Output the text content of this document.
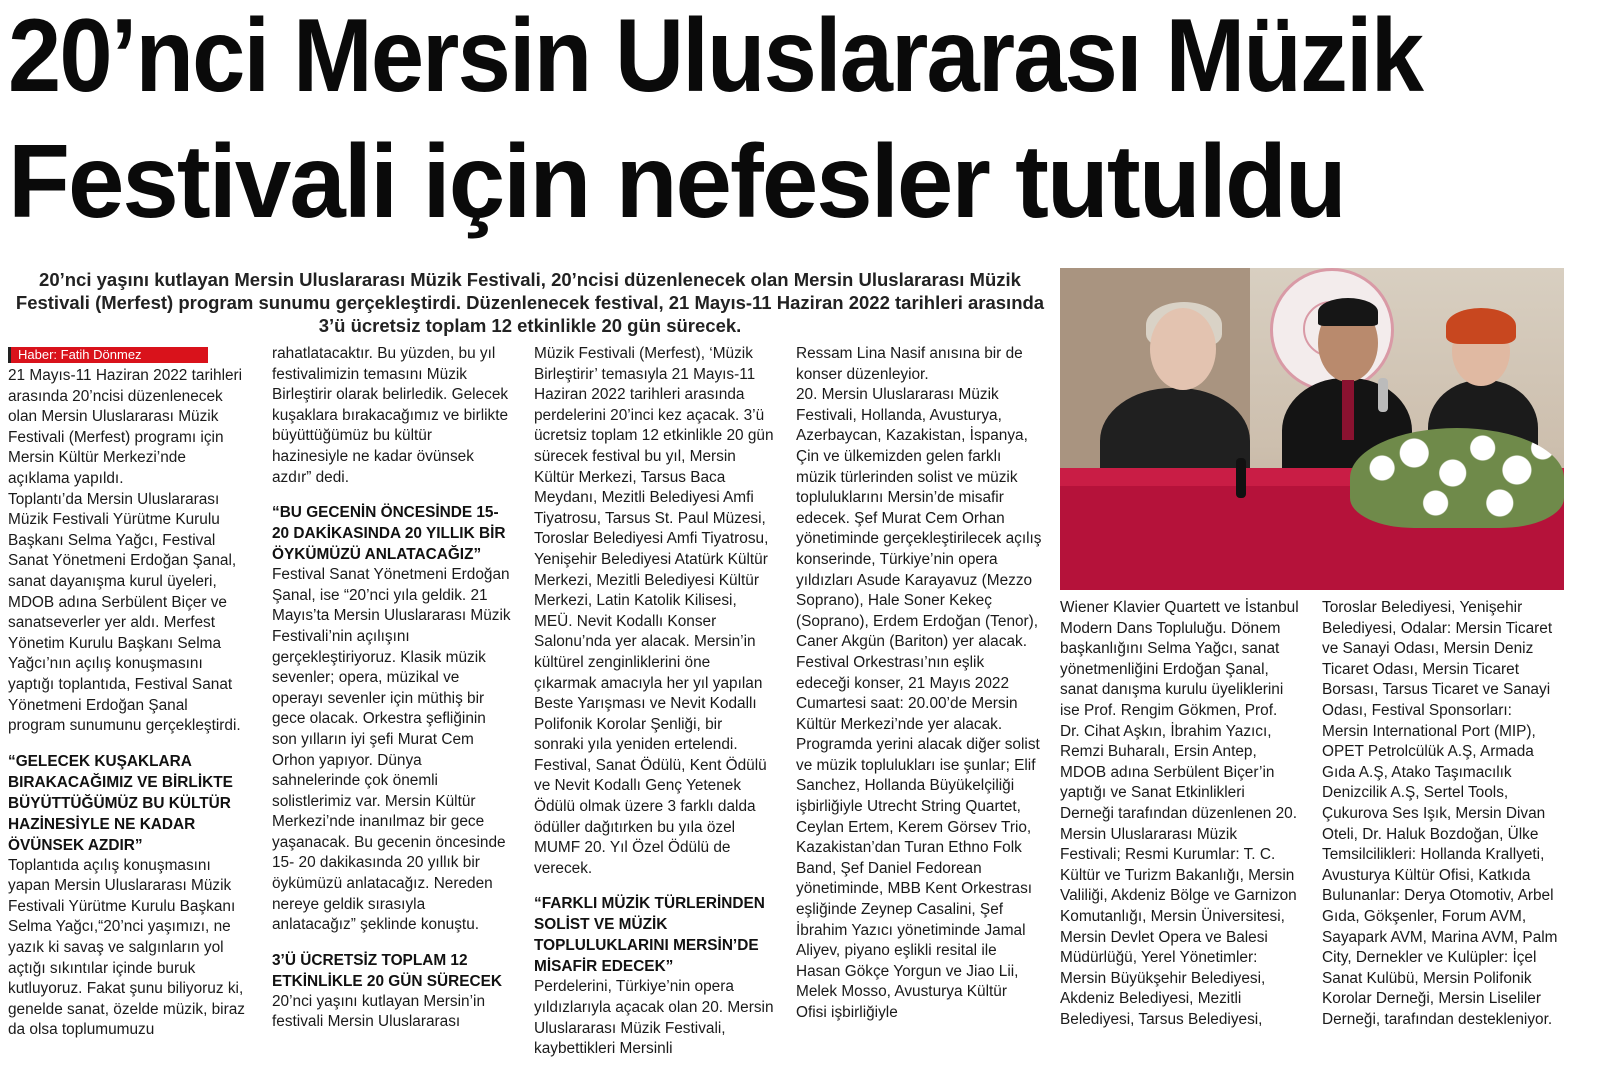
20’nci Mersin Uluslararası Müzik
Festivali için nefesler tutuldu
20’nci yaşını kutlayan Mersin Uluslararası Müzik Festivali, 20’ncisi düzenlenecek olan Mersin Uluslararası Müzik Festivali (Merfest) program sunumu gerçekleştirdi. Düzenlenecek festival, 21 Mayıs-11 Haziran 2022 tarihleri arasında 3’ü ücretsiz toplam 12 etkinlikle 20 gün sürecek.
Haber: Fatih Dönmez

21 Mayıs-11 Haziran 2022 tarihleri arasında 20’ncisi düzenlenecek olan Mersin Uluslararası Müzik Festivali (Merfest) programı için Mersin Kültür Merkezi’nde açıklama yapıldı.

Toplantı’da Mersin Uluslararası Müzik Festivali Yürütme Kurulu Başkanı Selma Yağcı, Festival Sanat Yönetmeni Erdoğan Şanal, sanat dayanışma kurul üyeleri, MDOB adına Serbülent Biçer ve sanatseverler yer aldı. Merfest Yönetim Kurulu Başkanı Selma Yağcı’nın açılış konuşmasını yaptığı toplantıda, Festival Sanat Yönetmeni Erdoğan Şanal program sunumunu gerçekleştirdi.

“GELECEK KUŞAKLARA BIRAKACAĞIMIZ VE BİRLİKTE BÜYÜTTÜĞÜMÜZ BU KÜLTÜR HAZİNESİYLE NE KADAR ÖVÜNSEK AZDIR”

Toplantıda açılış konuşmasını yapan Mersin Uluslararası Müzik Festivali Yürütme Kurulu Başkanı Selma Yağcı,“20’nci yaşımızı, ne yazık ki savaş ve salgınların yol açtığı sıkıntılar içinde buruk kutluyoruz. Fakat şunu biliyoruz ki, genelde sanat, özelde müzik, biraz da olsa toplumumuzu

rahatlatacaktır. Bu yüzden, bu yıl festivalimizin temasını Müzik Birleştirir olarak belirledik. Gelecek kuşaklara bırakacağımız ve birlikte büyüttüğümüz bu kültür hazinesiyle ne kadar övünsek azdır” dedi.

“BU GECENİN ÖNCESİNDE 15- 20 DAKİKASINDA 20 YILLIK BİR ÖYKÜMÜZÜ ANLATACAĞIZ”

Festival Sanat Yönetmeni Erdoğan Şanal, ise “20’nci yıla geldik. 21 Mayıs’ta Mersin Uluslararası Müzik Festivali’nin açılışını gerçekleştiriyoruz. Klasik müzik sevenler; opera, müzikal ve operayı sevenler için müthiş bir gece olacak. Orkestra şefliğinin son yılların iyi şefi Murat Cem Orhon yapıyor. Dünya sahnelerinde çok önemli solistlerimiz var. Mersin Kültür Merkezi’nde inanılmaz bir gece yaşanacak. Bu gecenin öncesinde 15- 20 dakikasında 20 yıllık bir öykümüzü anlatacağız. Nereden nereye geldik sırasıyla anlatacağız” şeklinde konuştu.

3’Ü ÜCRETSİZ TOPLAM 12 ETKİNLİKLE 20 GÜN SÜRECEK

20’nci yaşını kutlayan Mersin’in festivali Mersin Uluslararası

Müzik Festivali (Merfest), ‘Müzik Birleştirir’ temasıyla 21 Mayıs-11 Haziran 2022 tarihleri arasında perdelerini 20’inci kez açacak. 3’ü ücretsiz toplam 12 etkinlikle 20 gün sürecek festival bu yıl, Mersin Kültür Merkezi, Tarsus Baca Meydanı, Mezitli Belediyesi Amfi Tiyatrosu, Tarsus St. Paul Müzesi, Toroslar Belediyesi Amfi Tiyatrosu, Yenişehir Belediyesi Atatürk Kültür Merkezi, Mezitli Belediyesi Kültür Merkezi, Latin Katolik Kilisesi, MEÜ. Nevit Kodallı Konser Salonu’nda yer alacak. Mersin’in kültürel zenginliklerini öne çıkarmak amacıyla her yıl yapılan Beste Yarışması ve Nevit Kodallı Polifonik Korolar Şenliği, bir sonraki yıla yeniden ertelendi. Festival, Sanat Ödülü, Kent Ödülü ve Nevit Kodallı Genç Yetenek Ödülü olmak üzere 3 farklı dalda ödüller dağıtırken bu yıla özel MUMF 20. Yıl Özel Ödülü de verecek.

“FARKLI MÜZİK TÜRLERİNDEN SOLİST VE MÜZİK TOPLULUKLARINI MERSİN’DE MİSAFİR EDECEK”

Perdelerini, Türkiye’nin opera yıldızlarıyla açacak olan 20. Mersin Uluslararası Müzik Festivali, kaybettikleri Mersinli

Ressam Lina Nasif anısına bir de konser düzenleyior.

20. Mersin Uluslararası Müzik Festivali, Hollanda, Avusturya, Azerbaycan, Kazakistan, İspanya, Çin ve ülkemizden gelen farklı müzik türlerinden solist ve müzik topluluklarını Mersin’de misafir edecek. Şef Murat Cem Orhan yönetiminde gerçekleştirilecek açılış konserinde, Türkiye’nin opera yıldızları Asude Karayavuz (Mezzo Soprano), Hale Soner Kekeç (Soprano), Erdem Erdoğan (Tenor), Caner Akgün (Bariton) yer alacak. Festival Orkestrası’nın eşlik edeceği konser, 21 Mayıs 2022 Cumartesi saat: 20.00’de Mersin Kültür Merkezi’nde yer alacak.

Programda yerini alacak diğer solist ve müzik toplulukları ise şunlar; Elif Sanchez, Hollanda Büyükelçiliği işbirliğiyle Utrecht String Quartet, Ceylan Ertem, Kerem Görsev Trio, Kazakistan’dan Turan Ethno Folk Band, Şef Daniel Fedorean yönetiminde, MBB Kent Orkestrası eşliğinde Zeynep Casalini, Şef İbrahim Yazıcı yönetiminde Jamal Aliyev, piyano eşlikli resital ile Hasan Gökçe Yorgun ve Jiao Lii, Melek Mosso, Avusturya Kültür Ofisi işbirliğiyle

Wiener Klavier Quartett ve İstanbul Modern Dans Topluluğu. Dönem başkanlığını Selma Yağcı, sanat yönetmenliğini Erdoğan Şanal, sanat danışma kurulu üyeliklerini ise Prof. Rengim Gökmen, Prof. Dr. Cihat Aşkın, İbrahim Yazıcı, Remzi Buharalı, Ersin Antep, MDOB adına Serbülent Biçer’in yaptığı ve Sanat Etkinlikleri Derneği tarafından düzenlenen 20. Mersin Uluslararası Müzik Festivali; Resmi Kurumlar: T. C. Kültür ve Turizm Bakanlığı, Mersin Valiliği, Akdeniz Bölge ve Garnizon Komutanlığı, Mersin Üniversitesi, Mersin Devlet Opera ve Balesi Müdürlüğü, Yerel Yönetimler: Mersin Büyükşehir Belediyesi, Akdeniz Belediyesi, Mezitli Belediyesi, Tarsus Belediyesi,

Toroslar Belediyesi, Yenişehir Belediyesi, Odalar: Mersin Ticaret ve Sanayi Odası, Mersin Deniz Ticaret Odası, Mersin Ticaret Borsası, Tarsus Ticaret ve Sanayi Odası, Festival Sponsorları: Mersin International Port (MIP), OPET Petrolcülük A.Ş, Armada Gıda A.Ş, Atako Taşımacılık Denizcilik A.Ş, Sertel Tools, Çukurova Ses Işık, Mersin Divan Oteli, Dr. Haluk Bozdoğan, Ülke Temsilcilikleri: Hollanda Krallyeti, Avusturya Kültür Ofisi, Katkıda Bulunanlar: Derya Otomotiv, Arbel Gıda, Gökşenler, Forum AVM, Sayapark AVM, Marina AVM, Palm City, Dernekler ve Kulüpler: İçel Sanat Kulübü, Mersin Polifonik Korolar Derneği, Mersin Liseliler Derneği, tarafından destekleniyor.
